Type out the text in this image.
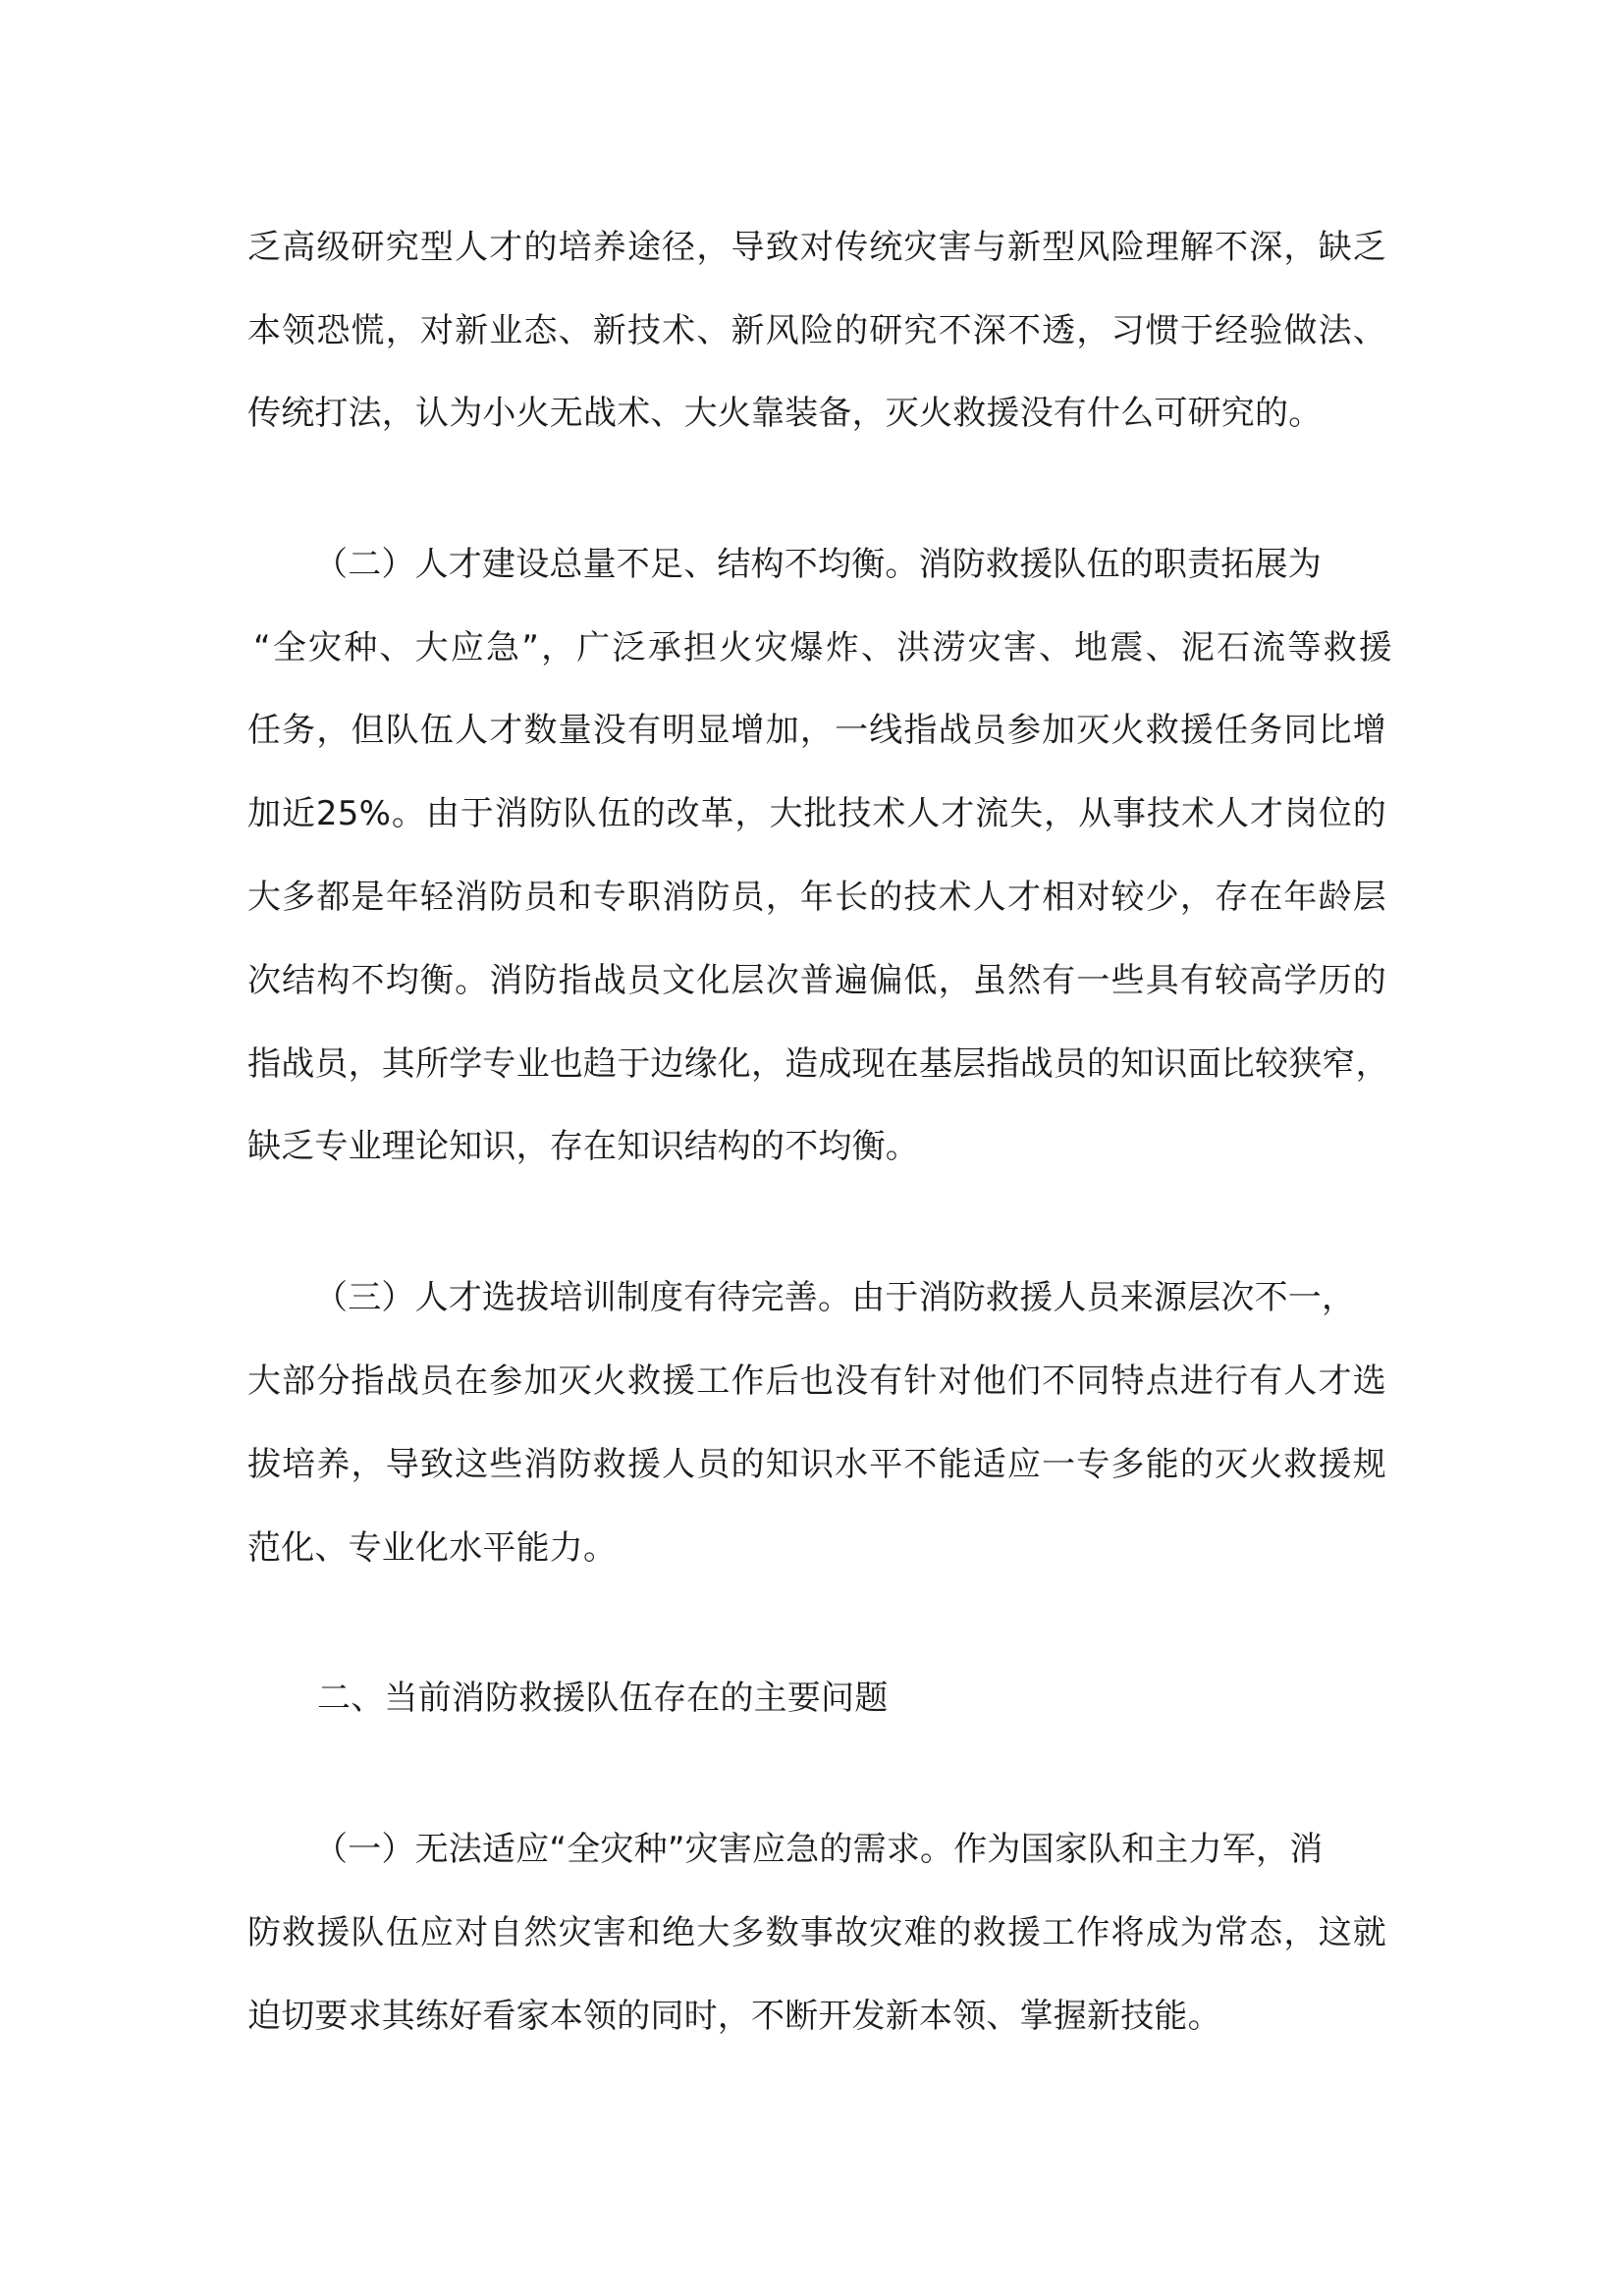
乏高级研究型人才的培养途径，导致对传统灾害与新型风险理解不深，缺乏

本领恐慌，对新业态、新技术、新风险的研究不深不透，习惯于经验做法、

传统打法，认为小火无战术、大火靠装备，灭火救援没有什么可研究的。

（二）人才建设总量不足、结构不均衡。消防救援队伍的职责拓展为

“全灾种、大应急”，广泛承担火灾爆炸、洪涝灾害、地震、泥石流等救援

任务，但队伍人才数量没有明显增加，一线指战员参加灭火救援任务同比增

加近25%。由于消防队伍的改革，大批技术人才流失，从事技术人才岗位的

大多都是年轻消防员和专职消防员，年长的技术人才相对较少，存在年龄层

次结构不均衡。消防指战员文化层次普遍偏低，虽然有一些具有较高学历的

指战员，其所学专业也趋于边缘化，造成现在基层指战员的知识面比较狭窄，

缺乏专业理论知识，存在知识结构的不均衡。

（三）人才选拔培训制度有待完善。由于消防救援人员来源层次不一，

大部分指战员在参加灭火救援工作后也没有针对他们不同特点进行有人才选

拔培养，导致这些消防救援人员的知识水平不能适应一专多能的灭火救援规

范化、专业化水平能力。

二、当前消防救援队伍存在的主要问题

（一）无法适应“全灾种”灾害应急的需求。作为国家队和主力军，消

防救援队伍应对自然灾害和绝大多数事故灾难的救援工作将成为常态，这就

迫切要求其练好看家本领的同时，不断开发新本领、掌握新技能。
